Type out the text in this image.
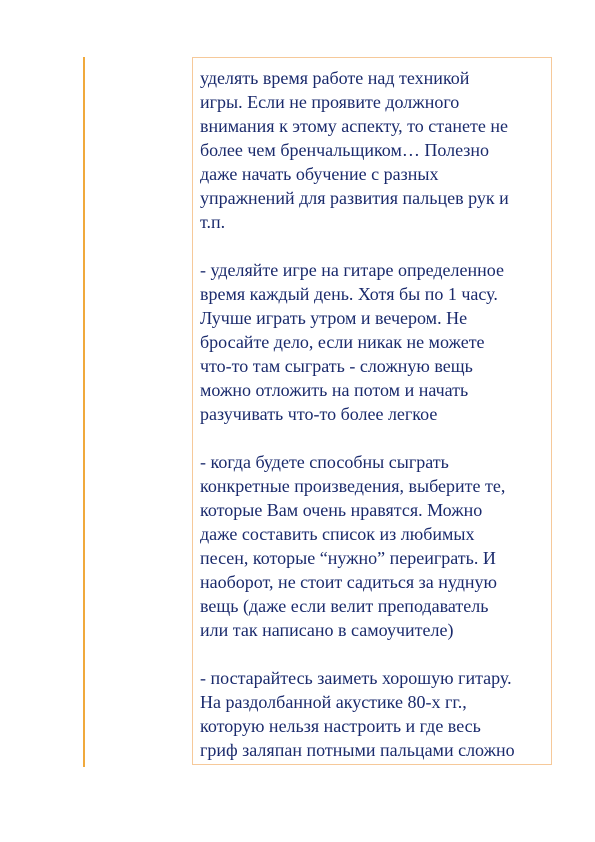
уделять время работе над техникой
игры. Если не проявите должного
внимания к этому аспекту, то станете не
более чем бренчальщиком… Полезно
даже начать обучение с разных
упражнений для развития пальцев рук и
т.п.

- уделяйте игре на гитаре определенное
время каждый день. Хотя бы по 1 часу.
Лучше играть утром и вечером. Не
бросайте дело, если никак не можете
что-то там сыграть - сложную вещь
можно отложить на потом и начать
разучивать что-то более легкое

- когда будете способны сыграть
конкретные произведения, выберите те,
которые Вам очень нравятся. Можно
даже составить список из любимых
песен, которые “нужно” переиграть. И
наоборот, не стоит садиться за нудную
вещь (даже если велит преподаватель
или так написано в самоучителе)

- постарайтесь заиметь хорошую гитару.
На раздолбанной акустике 80-х гг.,
которую нельзя настроить и где весь
гриф заляпан потными пальцами сложно
